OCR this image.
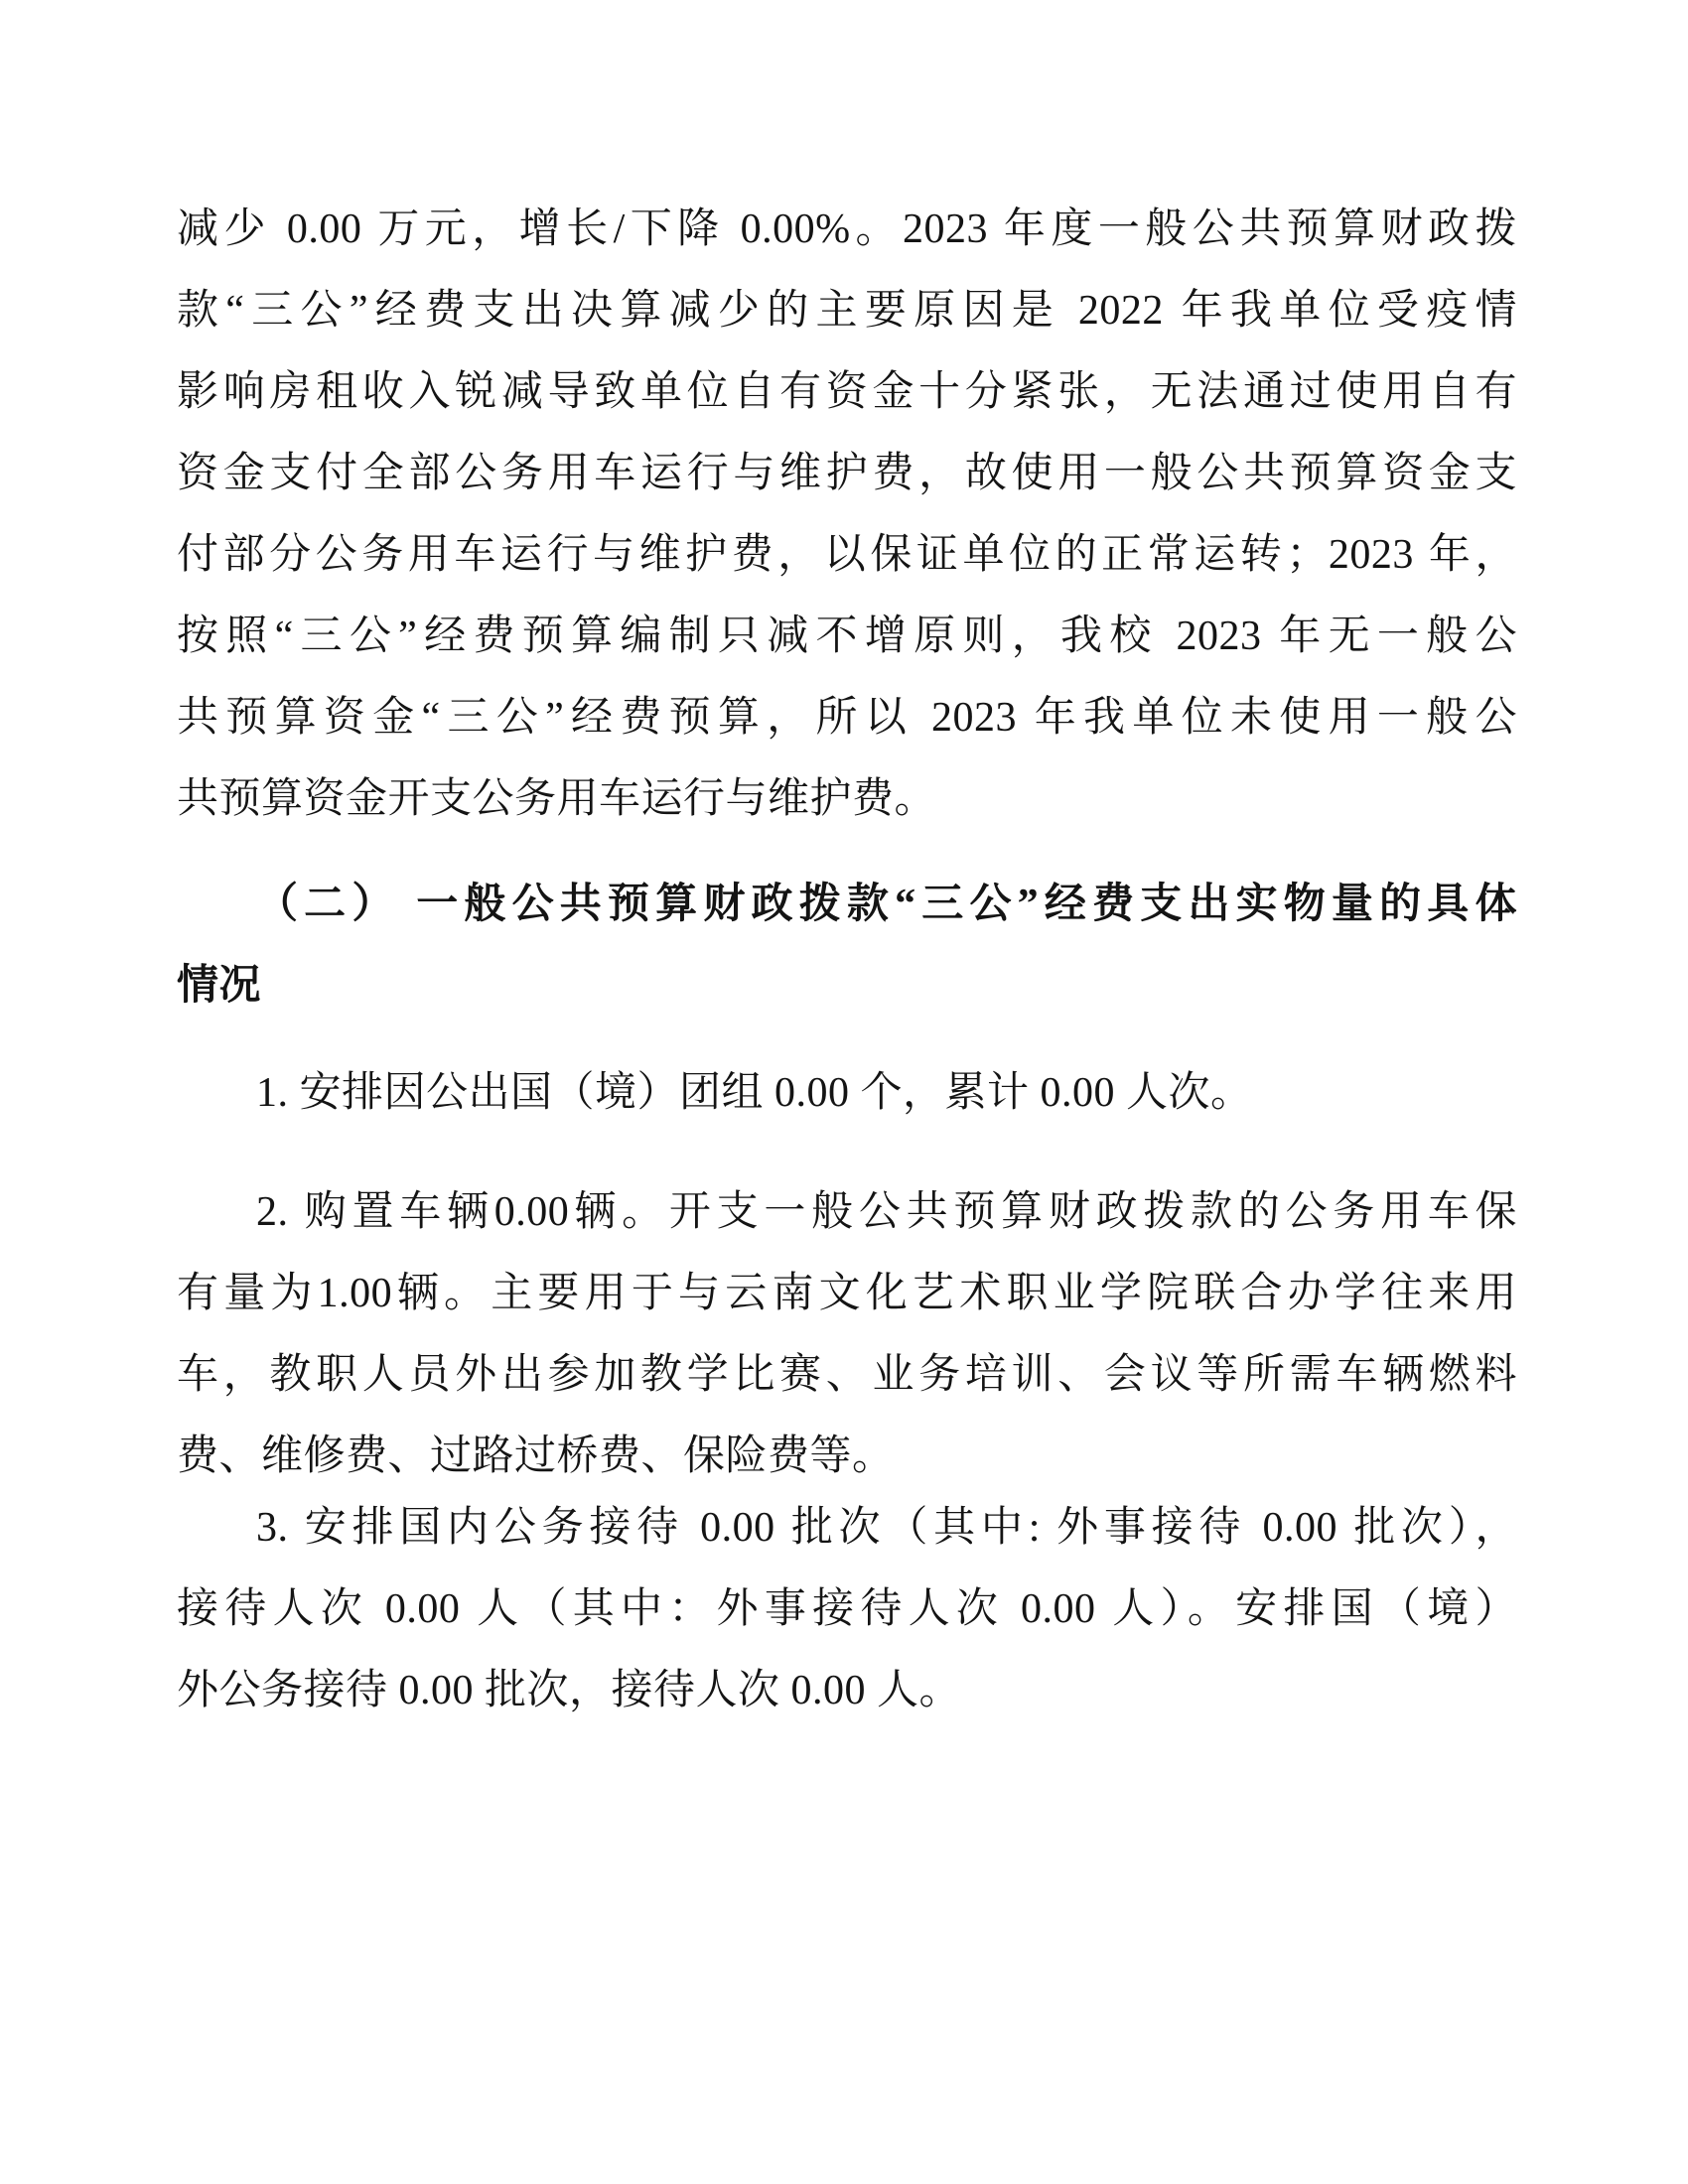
减少 0.00 万元，增长/下降 0.00%。2023 年度一般公共预算财政拨
款“三公”经费支出决算减少的主要原因是 2022 年我单位受疫情
影响房租收入锐减导致单位自有资金十分紧张，无法通过使用自有
资金支付全部公务用车运行与维护费，故使用一般公共预算资金支
付部分公务用车运行与维护费，以保证单位的正常运转；2023 年，
按照“三公”经费预算编制只减不增原则，我校 2023 年无一般公
共预算资金“三公”经费预算，所以 2023 年我单位未使用一般公
共预算资金开支公务用车运行与维护费。
（二） 一般公共预算财政拨款“三公”经费支出实物量的具体
情况
1. 安排因公出国（境）团组 0.00 个，累计 0.00 人次。
2. 购置车辆0.00辆。开支一般公共预算财政拨款的公务用车保
有量为1.00辆。主要用于与云南文化艺术职业学院联合办学往来用
车，教职人员外出参加教学比赛、业务培训、会议等所需车辆燃料
费、维修费、过路过桥费、保险费等。
3. 安排国内公务接待 0.00 批次（其中: 外事接待 0.00 批次），
接待人次 0.00 人（其中：外事接待人次 0.00 人）。安排国（境）
外公务接待 0.00 批次，接待人次 0.00 人。
